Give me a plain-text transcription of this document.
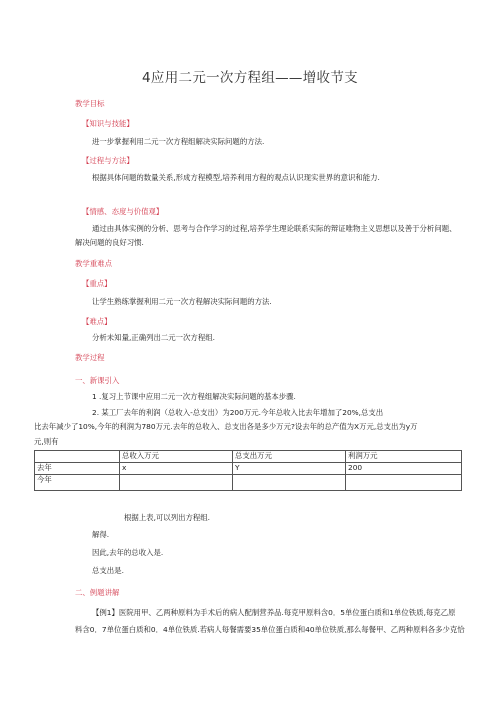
4应用二元一次方程组——增收节支
教学目标
【知识与技能】
进一步掌握利用二元一次方程组解决实际问题的方法.
【过程与方法】
根据具体问题的数量关系,形成方程模型,培养利用方程的观点认识现实世界的意识和能力.
【情感、态度与价值观】
通过由具体实例的分析、思考与合作学习的过程,培养学生理论联系实际的辩证唯物主义思想以及善于分析问题、
解决问题的良好习惯.
教学重难点
【重点】
让学生熟练掌握利用二元一次方程解决实际问题的方法.
【难点】
分析未知量,正确列出二元一次方程组.
教学过程
一、新课引入
1 .复习上节课中应用二元一次方程组解决实际问题的基本步骤.
2. 某工厂去年的利润（总收入-总支出）为200万元.今年总收入比去年增加了20%,总支出
比去年减少了10%,今年的利润为780万元.去年的总收入、总支出各是多少万元?设去年的总产值为X万元,总支出为y万
元,则有
	总收入万元	总支出万元	利润万元
去年	x	Y	200
今年			
根据上表,可以列出方程组.
解得.
因此,去年的总收入是.
总支出是.
二、例题讲解
【例1】医院用甲、乙两种原料为手术后的病人配制营养品.每克甲原料含0．5单位蛋白质和1单位铁质,每克乙原
料含0．7单位蛋白质和0．4单位铁质.若病人每餐需要35单位蛋白质和40单位铁质,那么每餐甲、乙两种原料各多少克恰
